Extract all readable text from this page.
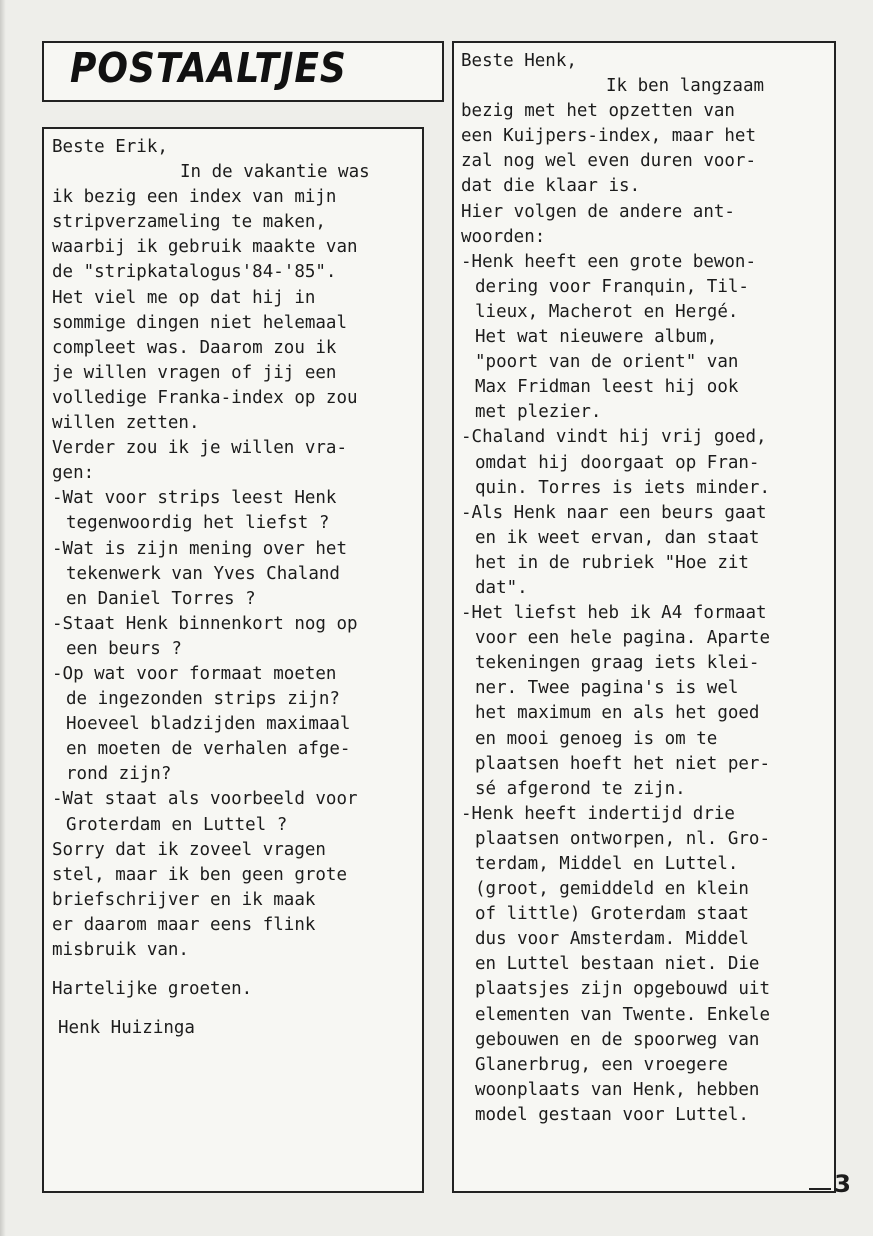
POSTAALTJES
Beste Erik,
In de vakantie was
ik bezig een index van mijn
stripverzameling te maken,
waarbij ik gebruik maakte van
de "stripkatalogus'84-'85".
Het viel me op dat hij in
sommige dingen niet helemaal
compleet was. Daarom zou ik
je willen vragen of jij een
volledige Franka-index op zou
willen zetten.
Verder zou ik je willen vra-
gen:
-Wat voor strips leest Henk
tegenwoordig het liefst ?
-Wat is zijn mening over het
tekenwerk van Yves Chaland
en Daniel Torres ?
-Staat Henk binnenkort nog op
een beurs ?
-Op wat voor formaat moeten
de ingezonden strips zijn?
Hoeveel bladzijden maximaal
en moeten de verhalen afge-
rond zijn?
-Wat staat als voorbeeld voor
Groterdam en Luttel ?
Sorry dat ik zoveel vragen
stel, maar ik ben geen grote
briefschrijver en ik maak
er daarom maar eens flink
misbruik van.
Hartelijke groeten.
Henk Huizinga
Beste Henk,
Ik ben langzaam
bezig met het opzetten van
een Kuijpers-index, maar het
zal nog wel even duren voor-
dat die klaar is.
Hier volgen de andere ant-
woorden:
-Henk heeft een grote bewon-
dering voor Franquin, Til-
lieux, Macherot en Hergé.
Het wat nieuwere album,
"poort van de orient" van
Max Fridman leest hij ook
met plezier.
-Chaland vindt hij vrij goed,
omdat hij doorgaat op Fran-
quin. Torres is iets minder.
-Als Henk naar een beurs gaat
en ik weet ervan, dan staat
het in de rubriek "Hoe zit
dat".
-Het liefst heb ik A4 formaat
voor een hele pagina. Aparte
tekeningen graag iets klei-
ner. Twee pagina's is wel
het maximum en als het goed
en mooi genoeg is om te
plaatsen hoeft het niet per-
sé afgerond te zijn.
-Henk heeft indertijd drie
plaatsen ontworpen, nl. Gro-
terdam, Middel en Luttel.
(groot, gemiddeld en klein
of little) Groterdam staat
dus voor Amsterdam. Middel
en Luttel bestaan niet. Die
plaatsjes zijn opgebouwd uit
elementen van Twente. Enkele
gebouwen en de spoorweg van
Glanerbrug, een vroegere
woonplaats van Henk, hebben
model gestaan voor Luttel.
3
